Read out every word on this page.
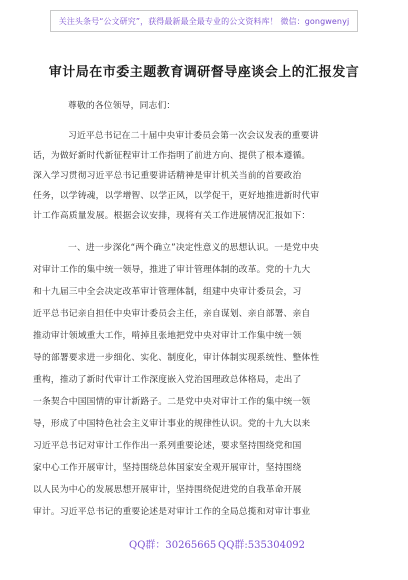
关注头条号“公文研究”，获得最新最全最专业的公文资料库！ 微信：gongwenyj
审计局在市委主题教育调研督导座谈会上的汇报发言
尊敬的各位领导，同志们：
习近平总书记在二十届中央审计委员会第一次会议发表的重要讲
话，为做好新时代新征程审计工作指明了前进方向、提供了根本遵循。
深入学习贯彻习近平总书记重要讲话精神是审计机关当前的首要政治
任务，以学铸魂，以学增智、以学正风，以学促干，更好地推进新时代审
计工作高质量发展。根据会议安排，现将有关工作进展情况汇报如下：
一、进一步深化“两个确立”决定性意义的思想认识。一是党中央
对审计工作的集中统一领导，推进了审计管理体制的改革。党的十九大
和十九届三中全会决定改革审计管理体制，组建中央审计委员会，习
近平总书记亲自担任中央审计委员会主任，亲自谋划、亲自部署、亲自
推动审计领域重大工作，啃掉且张地把党中央对审计工作集中统一领
导的部署要求进一步细化、实化、制度化，审计体制实现系统性、整体性
重构，推动了新时代审计工作深度嵌入党治国理政总体格局，走出了
一条契合中国国情的审计新路子。二是党中央对审计工作的集中统一领
导，形成了中国特色社会主义审计事业的规律性认识。党的十九大以来
习近平总书记对审计工作作出一系列重要论述，要求坚持围绕党和国
家中心工作开展审计，坚持围绕总体国家安全观开展审计，坚持围绕
以人民为中心的发展思想开展审计，坚持围绕促进党的自我革命开展
审计。习近平总书记的重要论述是对审计工作的全局总揽和对审计事业
QQ群：30265665 QQ群:535304092
